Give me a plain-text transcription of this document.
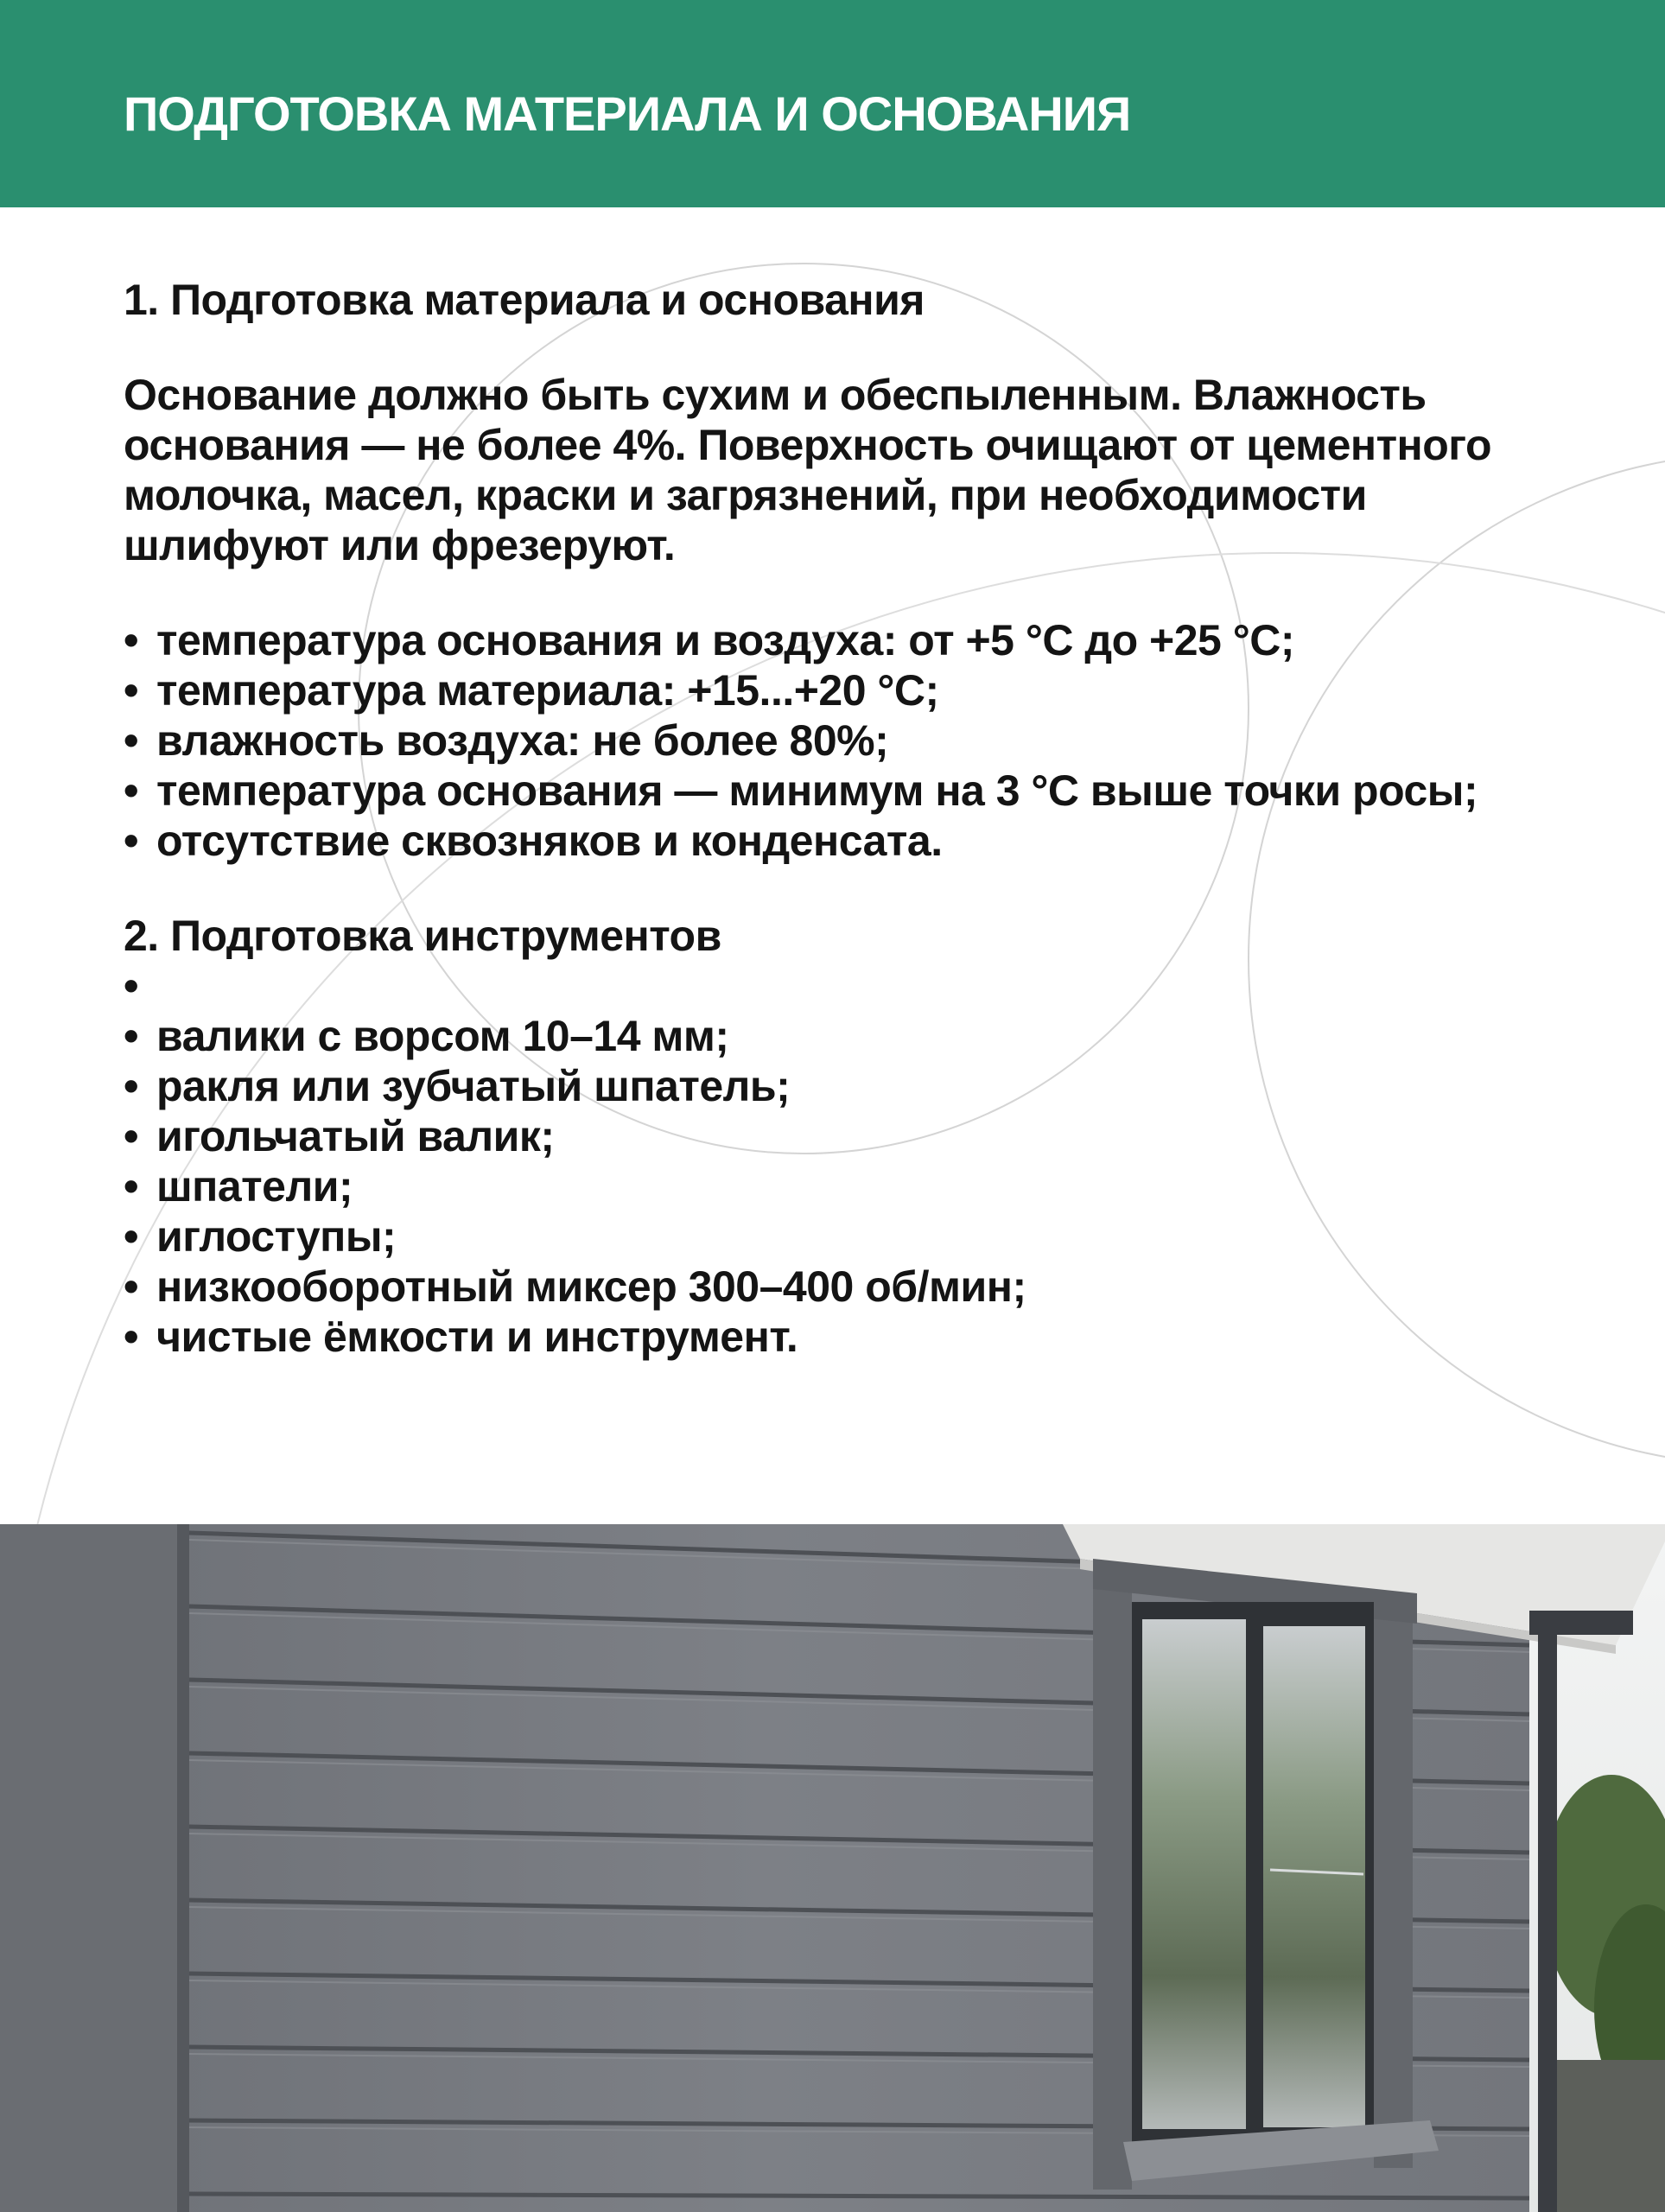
ПОДГОТОВКА МАТЕРИАЛА И ОСНОВАНИЯ
1. Подготовка материала и основания

Основание должно быть сухим и обеспыленным. Влажность основания — не более 4%. Поверхность очищают от цементного молочка, масел, краски и загрязнений, при необходимости шлифуют или фрезеруют.

• температура основания и воздуха: от +5 °С до +25 °С;
• температура материала: +15...+20 °С;
• влажность воздуха: не более 80%;
• температура основания — минимум на 3 °С выше точки росы;
• отсутствие сквозняков и конденсата.
2. Подготовка инструментов
•
• валики с ворсом 10–14 мм;
• ракля или зубчатый шпатель;
• игольчатый валик;
• шпатели;
• иглоступы;
• низкооборотный миксер 300–400 об/мин;
• чистые ёмкости и инструмент.
